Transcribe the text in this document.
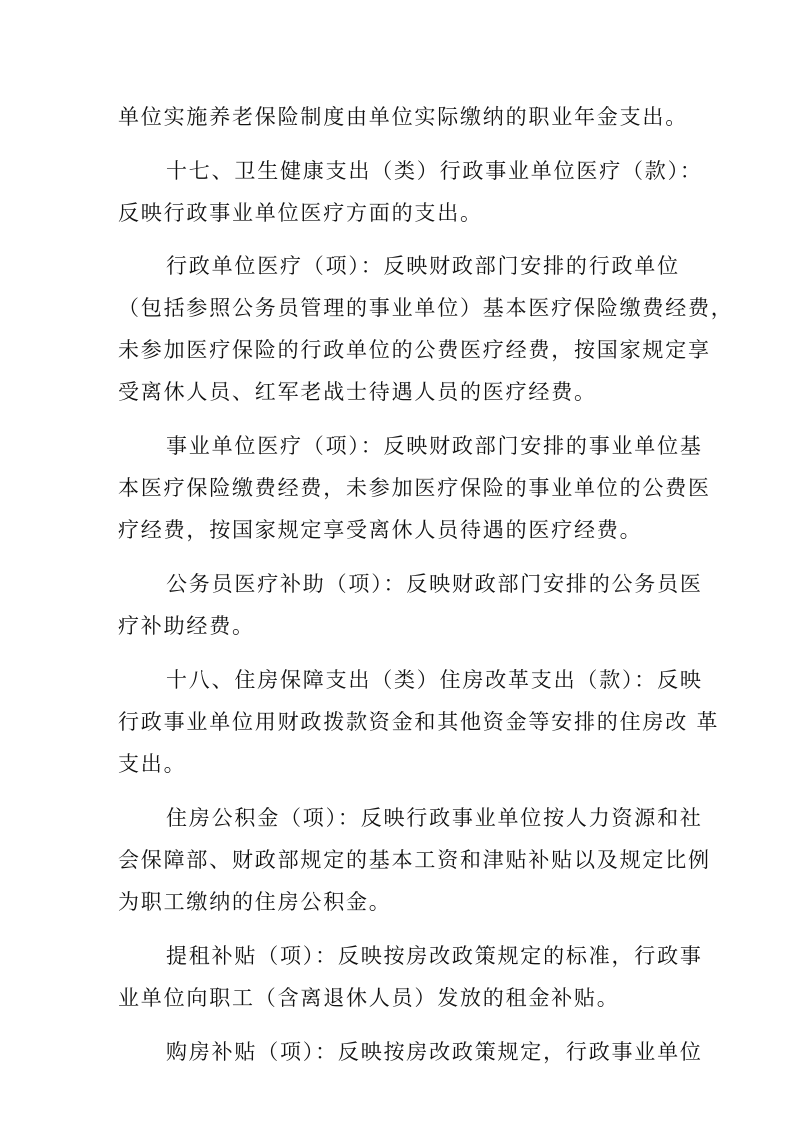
单位实施养老保险制度由单位实际缴纳的职业年金支出。
十七、卫生健康支出（类）行政事业单位医疗（款）：
反映行政事业单位医疗方面的支出。
行政单位医疗（项）：反映财政部门安排的行政单位
（包括参照公务员管理的事业单位）基本医疗保险缴费经费，
未参加医疗保险的行政单位的公费医疗经费，按国家规定享
受离休人员、红军老战士待遇人员的医疗经费。
事业单位医疗（项）：反映财政部门安排的事业单位基
本医疗保险缴费经费，未参加医疗保险的事业单位的公费医
疗经费，按国家规定享受离休人员待遇的医疗经费。
公务员医疗补助（项）：反映财政部门安排的公务员医
疗补助经费。
十八、住房保障支出（类）住房改革支出（款）：反映
行政事业单位用财政拨款资金和其他资金等安排的住房改 革
支出。
住房公积金（项）：反映行政事业单位按人力资源和社
会保障部、财政部规定的基本工资和津贴补贴以及规定比例
为职工缴纳的住房公积金。
提租补贴（项）：反映按房改政策规定的标准，行政事
业单位向职工（含离退休人员）发放的租金补贴。
购房补贴（项）：反映按房改政策规定，行政事业单位
